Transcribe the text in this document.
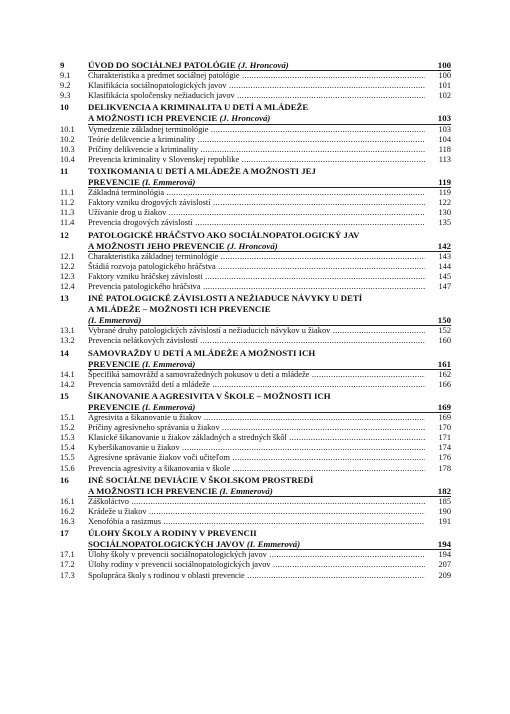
9	ÚVOD DO SOCIÁLNEJ PATOLÓGIE (J. Hroncová)	100
9.1	Charakteristika a predmet sociálnej patológie .....	100
9.2	Klasifikácia sociálnopatologických javov .....	101
9.3	Klasifikácia spoločensky nežiaducich javov .....	102
10	DELIKVENCIA A KRIMINALITA U DETÍ A MLÁDEŽE
A MOŽNOSTI ICH PREVENCIE (J. Hroncová)	103
10.1	Vymedzenie základnej terminológie .....	103
10.2	Teórie delikvencie a kriminality .....	104
10.3	Príčiny delikvencie a kriminality .....	118
10.4	Prevencia kriminality v Slovenskej republike .....	113
11	TOXIKOMANIA U DETÍ A MLÁDEŽE A MOŽNOSTI JEJ
PREVENCIE (I. Emmerová)	119
11.1	Základná terminológia .....	119
11.2	Faktory vzniku drogových závislostí .....	122
11.3	Užívanie drog u žiakov .....	130
11.4	Prevencia drogových závislostí .....	135
12	PATOLOGICKÉ HRÁČSTVO AKO SOCIÁLNOPATOLOGICKÝ JAV
A MOŽNOSTI JEHO PREVENCIE (J. Hroncová)	142
12.1	Charakteristika základnej terminológie .....	143
12.2	Štádiá rozvoja patologického hráčstva .....	144
12.3	Faktory vzniku hráčskej závislosti .....	145
12.4	Prevencia patologického hráčstva .....	147
13	INÉ PATOLOGICKÉ ZÁVISLOSTI A NEŽIADUCE NÁVYKY U DETÍ
A MLÁDEŽE – MOŽNOSTI ICH PREVENCIE
(I. Emmerová)	150
13.1	Vybrané druhy patologických závislostí a nežiaducich návykov u žiakov .....	152
13.2	Prevencia nelátkových závislostí .....	160
14	SAMOVRAŽDY U DETÍ A MLÁDEŽE A MOŽNOSTI ICH
PREVENCIE (I. Emmerová)	161
14.1	Špecifiká samovrážd a samovražedných pokusov u detí a mládeže .....	162
14.2	Prevencia samovrážd detí a mládeže .....	166
15	ŠIKANOVANIE A AGRESIVITA V ŠKOLE – MOŽNOSTI ICH
PREVENCIE (I. Emmerová)	169
15.1	Agresivita a šikanovanie u žiakov .....	169
15.2	Príčiny agresívneho správania u žiakov .....	170
15.3	Klasické šikanovanie u žiakov základných a stredných škôl .....	171
15.4	Kyberšikanovanie u žiakov .....	174
15.5	Agresívne správanie žiakov voči učiteľom .....	176
15.6	Prevencia agresivity a šikanovania v škole .....	178
16	INÉ SOCIÁLNE DEVIÁCIE V ŠKOLSKOM PROSTREDÍ
A MOŽNOSTI ICH PREVENCIE (I. Emmerová)	182
16.1	Záškoláctvo .....	185
16.2	Krádeže u žiakov .....	190
16.3	Xenofóbia a rasizmus .....	191
17	ÚLOHY ŠKOLY A RODINY V PREVENCII
SOCIÁLNOPATOLOGICKÝCH JAVOV (I. Emmerová)	194
17.1	Úlohy školy v prevencii sociálnopatologických javov .....	194
17.2	Úlohy rodiny v prevencii sociálnopatologických javov .....	207
17.3	Spolupráca školy s rodinou v oblasti prevencie .....	209
